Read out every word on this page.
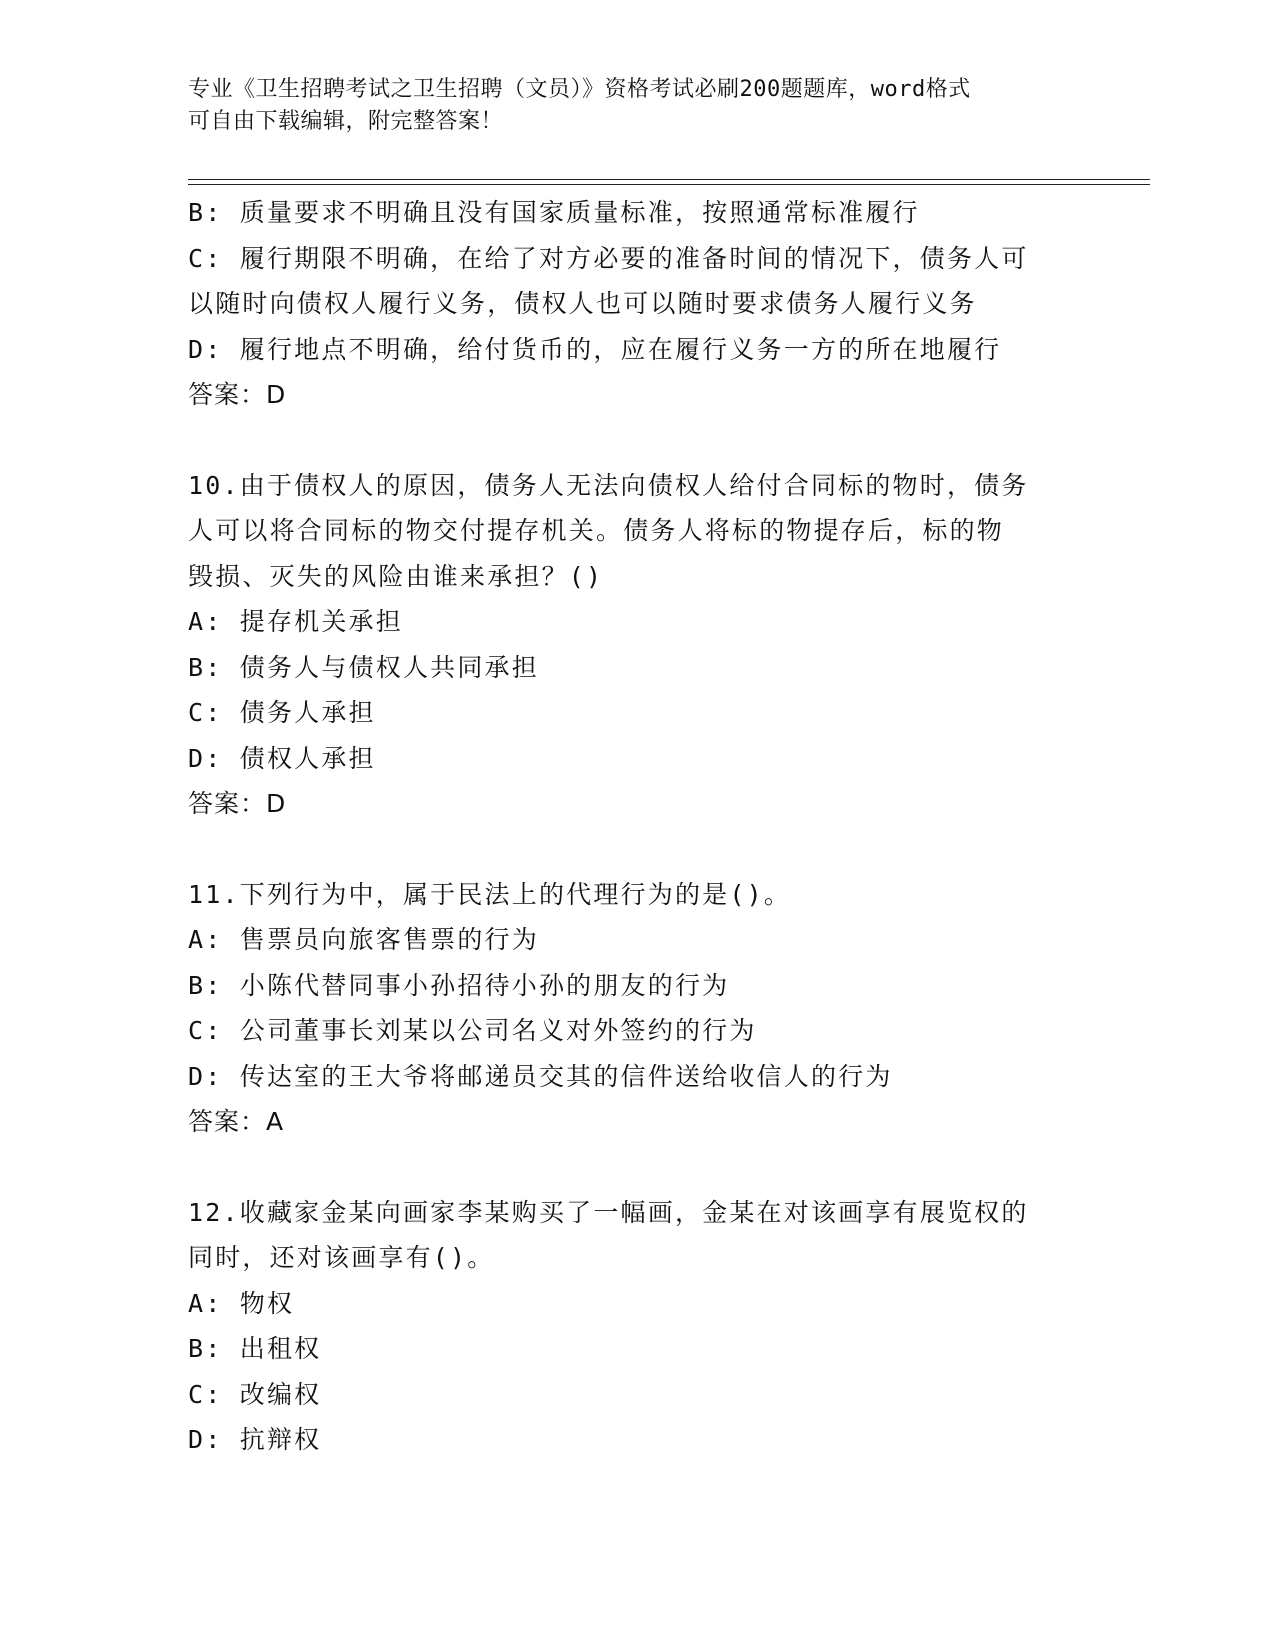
专业《卫生招聘考试之卫生招聘（文员）》资格考试必刷200题题库，word格式
可自由下载编辑，附完整答案！
B: 质量要求不明确且没有国家质量标准，按照通常标准履行
C: 履行期限不明确，在给了对方必要的准备时间的情况下，债务人可
以随时向债权人履行义务，债权人也可以随时要求债务人履行义务
D: 履行地点不明确，给付货币的，应在履行义务一方的所在地履行
答案：D
10.由于债权人的原因，债务人无法向债权人给付合同标的物时，债务
人可以将合同标的物交付提存机关。债务人将标的物提存后，标的物
毁损、灭失的风险由谁来承担？()
A: 提存机关承担
B: 债务人与债权人共同承担
C: 债务人承担
D: 债权人承担
答案：D
11.下列行为中，属于民法上的代理行为的是()。
A: 售票员向旅客售票的行为
B: 小陈代替同事小孙招待小孙的朋友的行为
C: 公司董事长刘某以公司名义对外签约的行为
D: 传达室的王大爷将邮递员交其的信件送给收信人的行为
答案：A
12.收藏家金某向画家李某购买了一幅画，金某在对该画享有展览权的
同时，还对该画享有()。
A: 物权
B: 出租权
C: 改编权
D: 抗辩权
